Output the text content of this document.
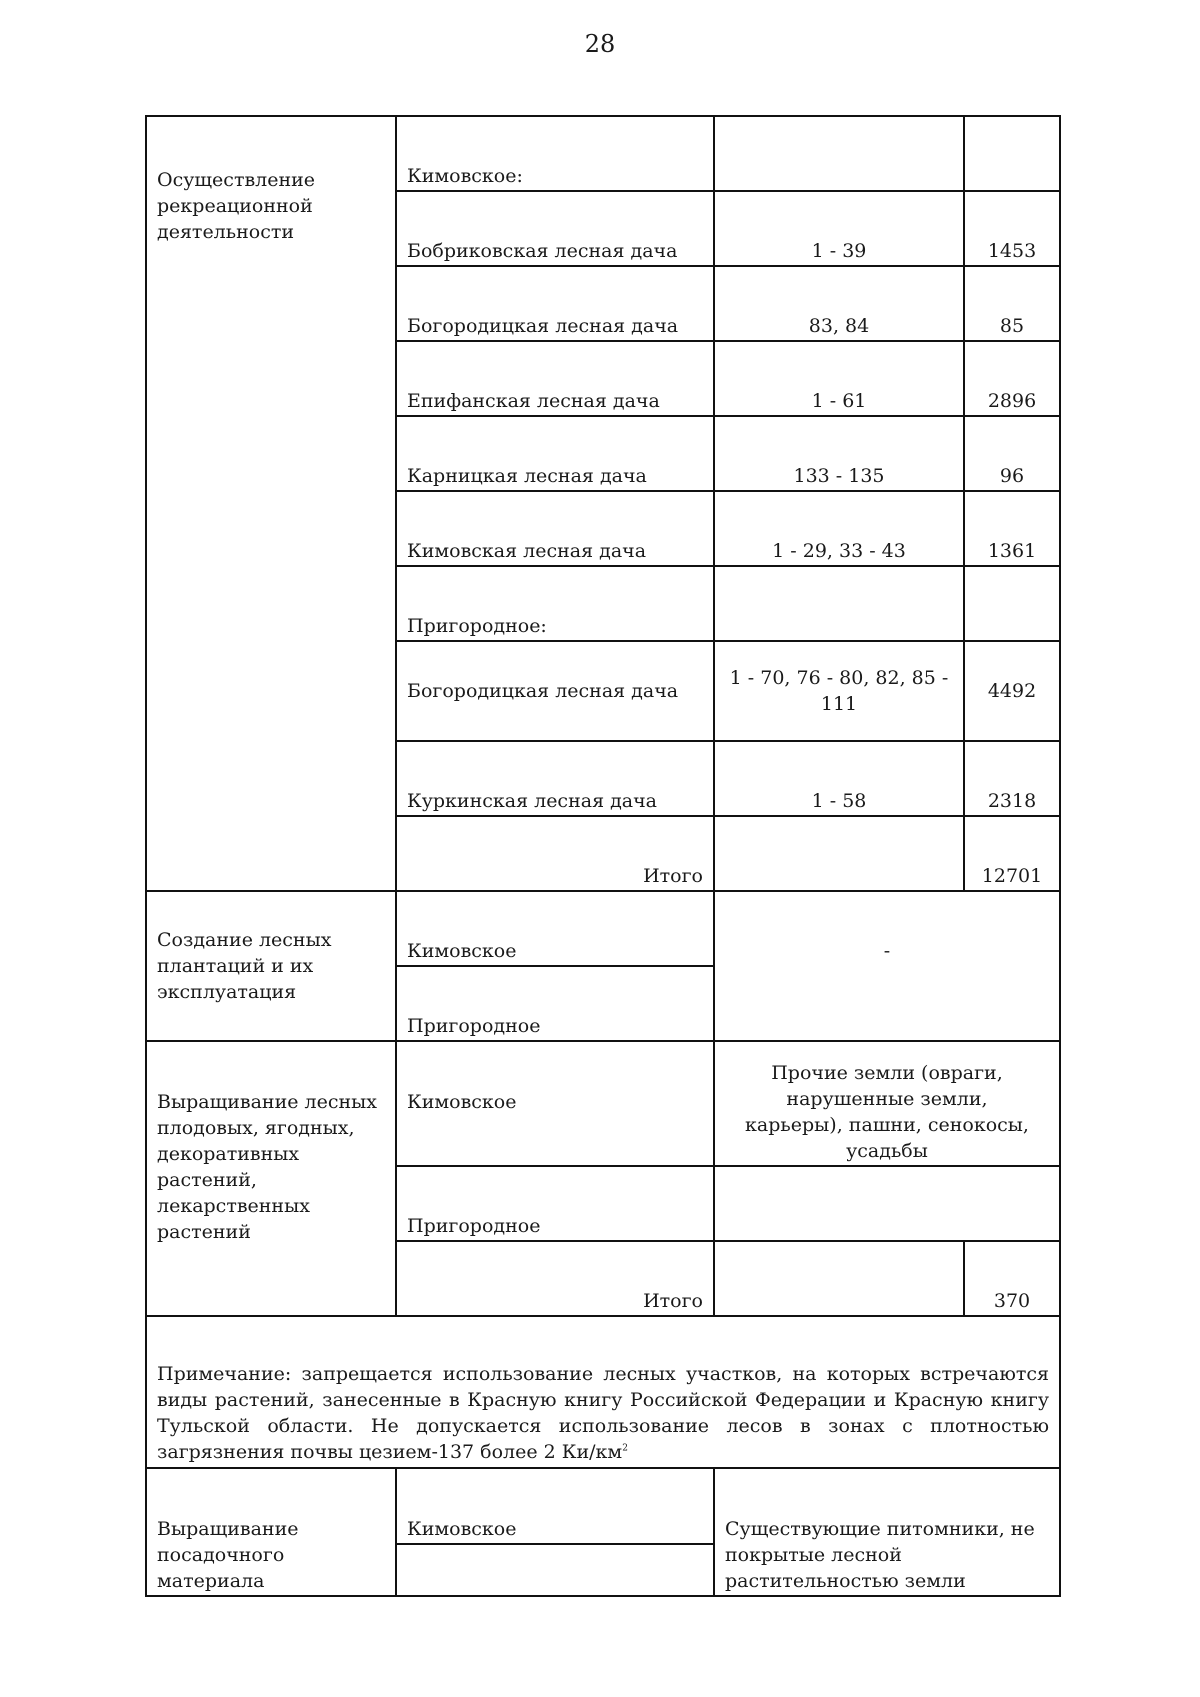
28
Осуществление рекреационной деятельности	Кимовское:		
	Бобриковская лесная дача	1 - 39	1453
	Богородицкая лесная дача	83, 84	85
	Епифанская лесная дача	1 - 61	2896
	Карницкая лесная дача	133 - 135	96
	Кимовская лесная дача	1 - 29, 33 - 43	1361
	Пригородное:		
	Богородицкая лесная дача	1 - 70, 76 - 80, 82, 85 - 111	4492
	Куркинская лесная дача	1 - 58	2318
	Итого		12701
Создание лесных плантаций и их эксплуатация	Кимовское	-	
	Пригородное		
Выращивание лесных плодовых, ягодных, декоративных растений, лекарственных растений	Кимовское	Прочие земли (овраги, нарушенные земли, карьеры), пашни, сенокосы, усадьбы	
	Пригородное		
	Итого		370
Примечание: запрещается использование лесных участков, на которых встречаются виды растений, занесенные в Красную книгу Российской Федерации и Красную книгу Тульской области. Не допускается использование лесов в зонах с плотностью загрязнения почвы цезием-137 более 2 $Ки/км^2$
Выращивание посадочного материала	Кимовское	Существующие питомники, не покрытые лесной растительностью земли	
